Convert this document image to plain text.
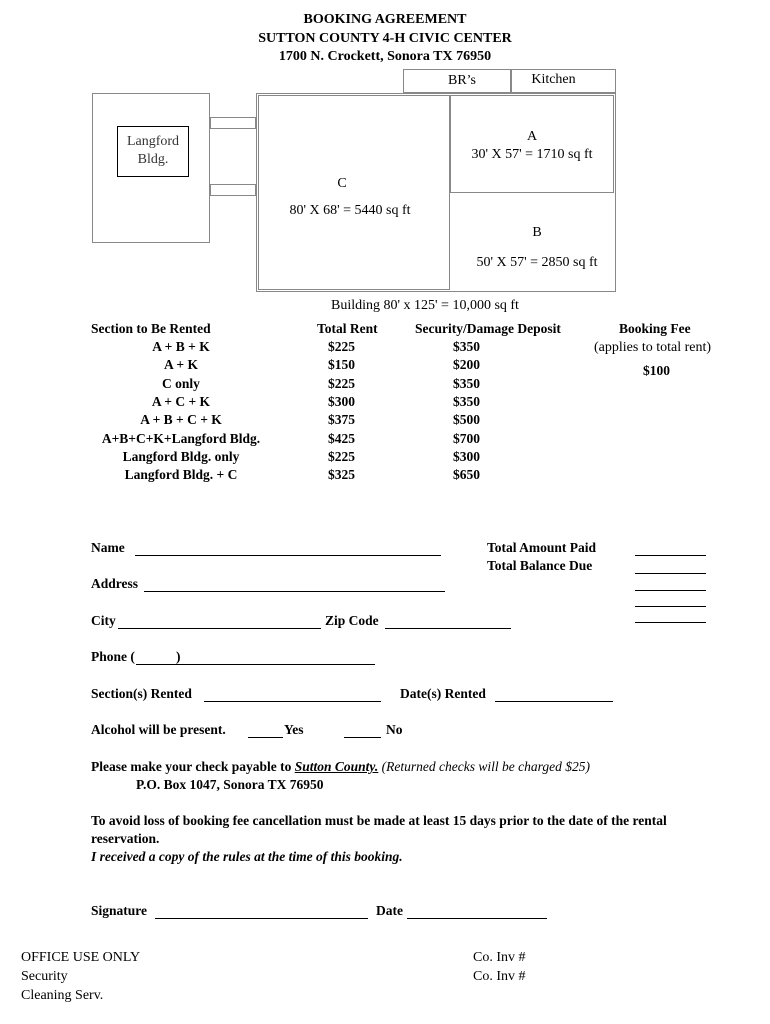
BOOKING AGREEMENT
SUTTON COUNTY 4-H CIVIC CENTER
1700 N. Crockett, Sonora TX 76950
Langford
Bldg.
BR’s	Kitchen
C
80' X 68' = 5440 sq ft
A
30' X 57' = 1710 sq ft
B
50' X 57' = 2850 sq ft
Building 80' x 125' = 10,000 sq ft
Section to Be Rented	Total Rent	Security/Damage Deposit	Booking Fee
(applies to total rent)
$100
A + B + K	$225	$350
A + K	$150	$200
C only	$225	$350
A + C + K	$300	$350
A + B + C + K	$375	$500
A+B+C+K+Langford Bldg.	$425	$700
Langford Bldg. only	$225	$300
Langford Bldg. + C	$325	$650
Name
Address
City	Zip Code
Phone (	)
Section(s) Rented	Date(s) Rented
Alcohol will be present.	Yes	No
Total Amount Paid
Total Balance Due
Please make your check payable to Sutton County. (Returned checks will be charged $25)
P.O. Box 1047, Sonora TX 76950
To avoid loss of booking fee cancellation must be made at least 15 days prior to the date of the rental
reservation.
I received a copy of the rules at the time of this booking.
Signature	Date
OFFICE USE ONLY
Security
Cleaning Serv.
Co. Inv #
Co. Inv #
